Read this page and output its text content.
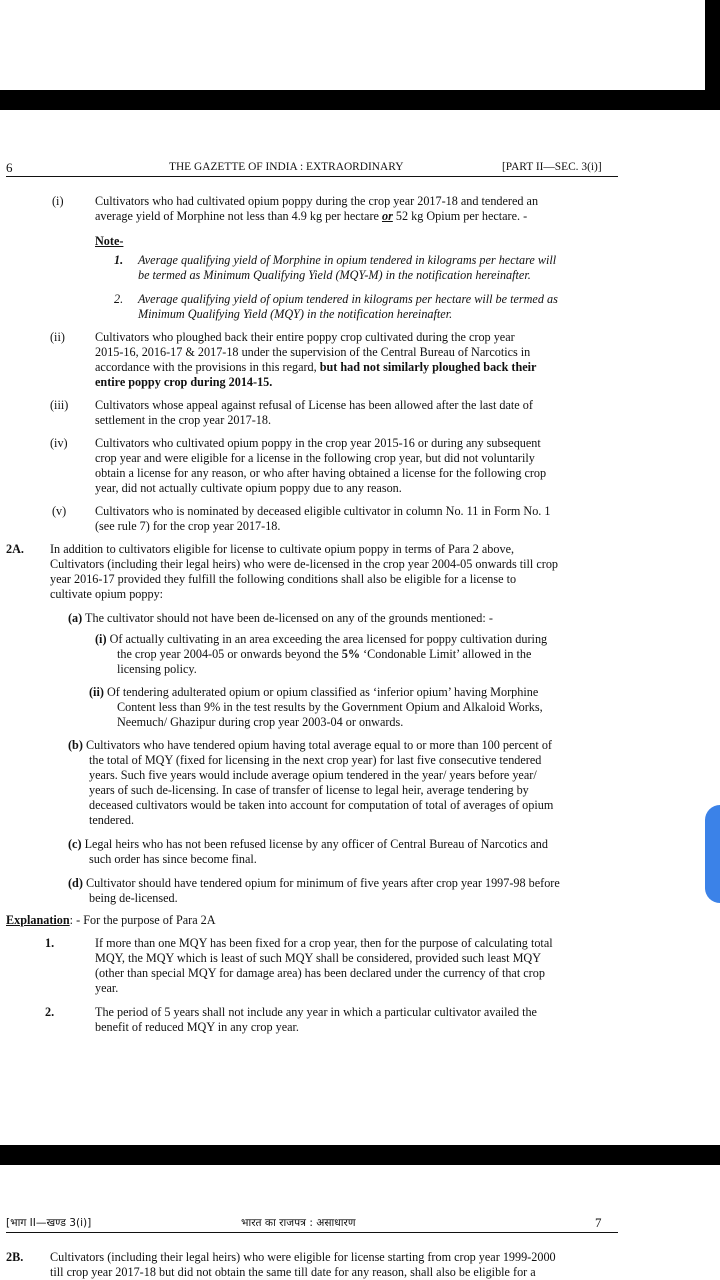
6	THE GAZETTE OF INDIA : EXTRAORDINARY	[PART II—SEC. 3(i)]
(i)	Cultivators who had cultivated opium poppy during the crop year 2017-18 and tendered an
average yield of Morphine not less than 4.9 kg per hectare or 52 kg Opium per hectare. -
Note-
1. Average qualifying yield of Morphine in opium tendered in kilograms per hectare will
be termed as Minimum Qualifying Yield (MQY-M) in the notification hereinafter.
2. Average qualifying yield of opium tendered in kilograms per hectare will be termed as
Minimum Qualifying Yield (MQY) in the notification hereinafter.
(ii) Cultivators who ploughed back their entire poppy crop cultivated during the crop year
2015-16, 2016-17 & 2017-18 under the supervision of the Central Bureau of Narcotics in
accordance with the provisions in this regard, but had not similarly ploughed back their
entire poppy crop during 2014-15.
(iii) Cultivators whose appeal against refusal of License has been allowed after the last date of
settlement in the crop year 2017-18.
(iv) Cultivators who cultivated opium poppy in the crop year 2015-16 or during any subsequent
crop year and were eligible for a license in the following crop year, but did not voluntarily
obtain a license for any reason, or who after having obtained a license for the following crop
year, did not actually cultivate opium poppy due to any reason.
(v) Cultivators who is nominated by deceased eligible cultivator in column No. 11 in Form No. 1
(see rule 7) for the crop year 2017-18.
2A. In addition to cultivators eligible for license to cultivate opium poppy in terms of Para 2 above,
Cultivators (including their legal heirs) who were de-licensed in the crop year 2004-05 onwards till crop
year 2016-17 provided they fulfill the following conditions shall also be eligible for a license to
cultivate opium poppy:
(a) The cultivator should not have been de-licensed on any of the grounds mentioned: -
(i) Of actually cultivating in an area exceeding the area licensed for poppy cultivation during
the crop year 2004-05 or onwards beyond the 5% ‘Condonable Limit’ allowed in the
licensing policy.
(ii) Of tendering adulterated opium or opium classified as ‘inferior opium’ having Morphine
Content less than 9% in the test results by the Government Opium and Alkaloid Works,
Neemuch/ Ghazipur during crop year 2003-04 or onwards.
(b) Cultivators who have tendered opium having total average equal to or more than 100 percent of
the total of MQY (fixed for licensing in the next crop year) for last five consecutive tendered
years. Such five years would include average opium tendered in the year/ years before year/
years of such de-licensing. In case of transfer of license to legal heir, average tendering by
deceased cultivators would be taken into account for computation of total of averages of opium
tendered.
(c) Legal heirs who has not been refused license by any officer of Central Bureau of Narcotics and
such order has since become final.
(d) Cultivator should have tendered opium for minimum of five years after crop year 1997-98 before
being de-licensed.
Explanation: - For the purpose of Para 2A
1.	If more than one MQY has been fixed for a crop year, then for the purpose of calculating total
MQY, the MQY which is least of such MQY shall be considered, provided such least MQY
(other than special MQY for damage area) has been declared under the currency of that crop
year.
2.	The period of 5 years shall not include any year in which a particular cultivator availed the
benefit of reduced MQY in any crop year.
[भाग II—खण्ड 3(i)]	भारत का राजपत्र : असाधारण	7
2B. Cultivators (including their legal heirs) who were eligible for license starting from crop year 1999-2000
till crop year 2017-18 but did not obtain the same till date for any reason, shall also be eligible for a
